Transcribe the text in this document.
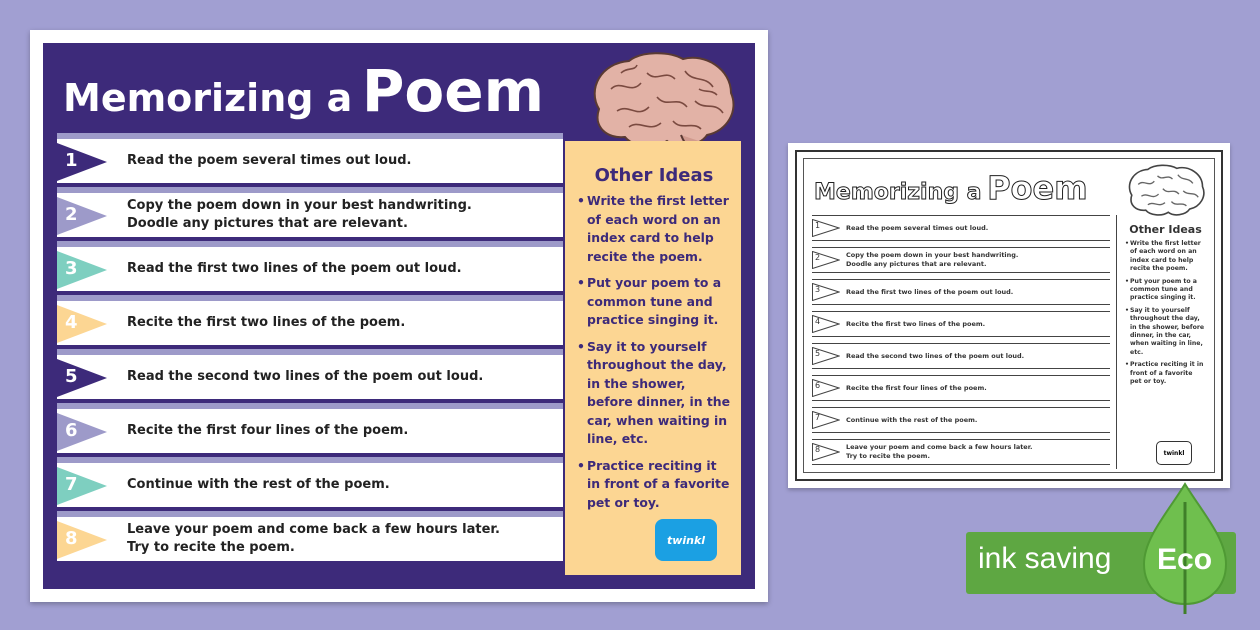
Memorizing a Poem
1	Read the poem several times out loud.
2	Copy the poem down in your best handwriting.
Doodle any pictures that are relevant.
3	Read the first two lines of the poem out loud.
4	Recite the first two lines of the poem.
5	Read the second two lines of the poem out loud.
6	Recite the first four lines of the poem.
7	Continue with the rest of the poem.
8	Leave your poem and come back a few hours later.
Try to recite the poem.
Other Ideas
• Write the first letter of each word on an index card to help recite the poem.
• Put your poem to a common tune and practice singing it.
• Say it to yourself throughout the day, in the shower, before dinner, in the car, when waiting in line, etc.
• Practice reciting it in front of a favorite pet or toy.
twinkl
Memorizing a Poem
1	Read the poem several times out loud.
2	Copy the poem down in your best handwriting.
Doodle any pictures that are relevant.
3	Read the first two lines of the poem out loud.
4	Recite the first two lines of the poem.
5	Read the second two lines of the poem out loud.
6	Recite the first four lines of the poem.
7	Continue with the rest of the poem.
8	Leave your poem and come back a few hours later.
Try to recite the poem.
Other Ideas
• Write the first letter of each word on an index card to help recite the poem.
• Put your poem to a common tune and practice singing it.
• Say it to yourself throughout the day, in the shower, before dinner, in the car, when waiting in line, etc.
• Practice reciting it in front of a favorite pet or toy.
twinkl
ink saving Eco
